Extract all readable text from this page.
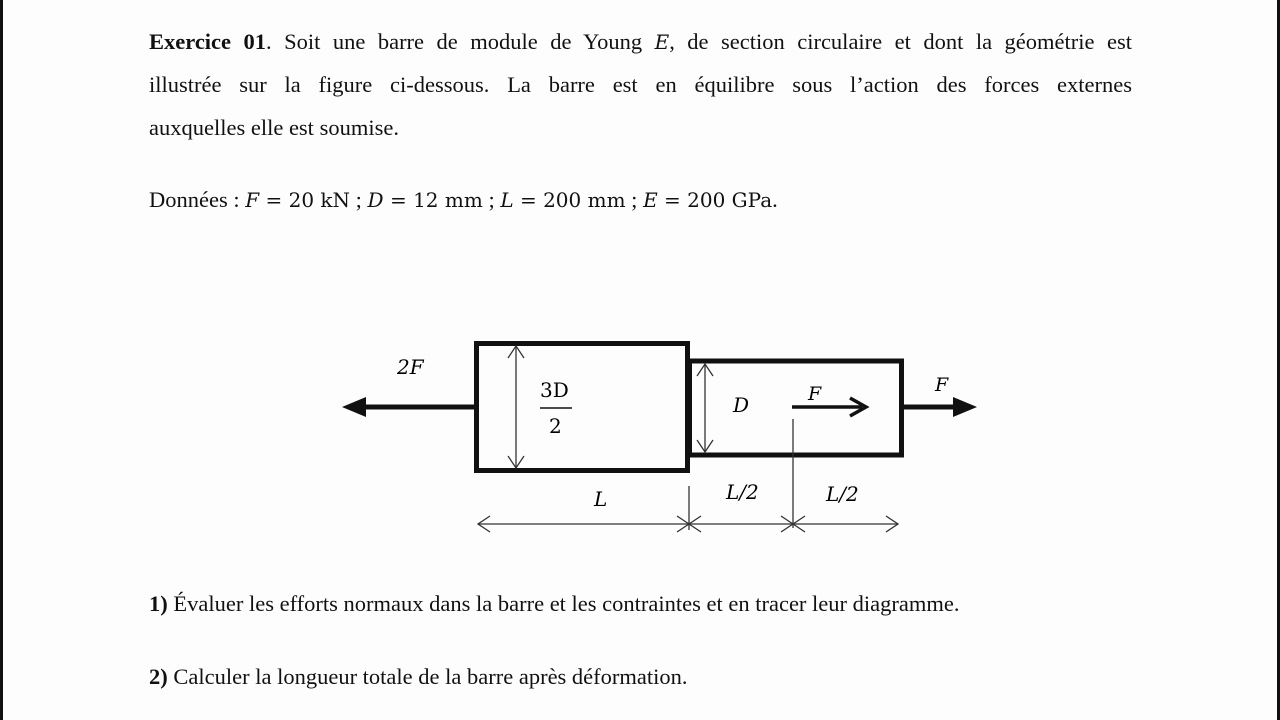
Exercice 01. Soit une barre de module de Young E, de section circulaire et dont la géométrie est
illustrée sur la figure ci-dessous. La barre est en équilibre sous l’action des forces externes
auxquelles elle est soumise.
Données : F = 20 kN ; D = 12 mm ; L = 200 mm ; E = 200 GPa.
2F
3D
2
D	F	F
L	L/2	L/2
1) Évaluer les efforts normaux dans la barre et les contraintes et en tracer leur diagramme.
2) Calculer la longueur totale de la barre après déformation.
